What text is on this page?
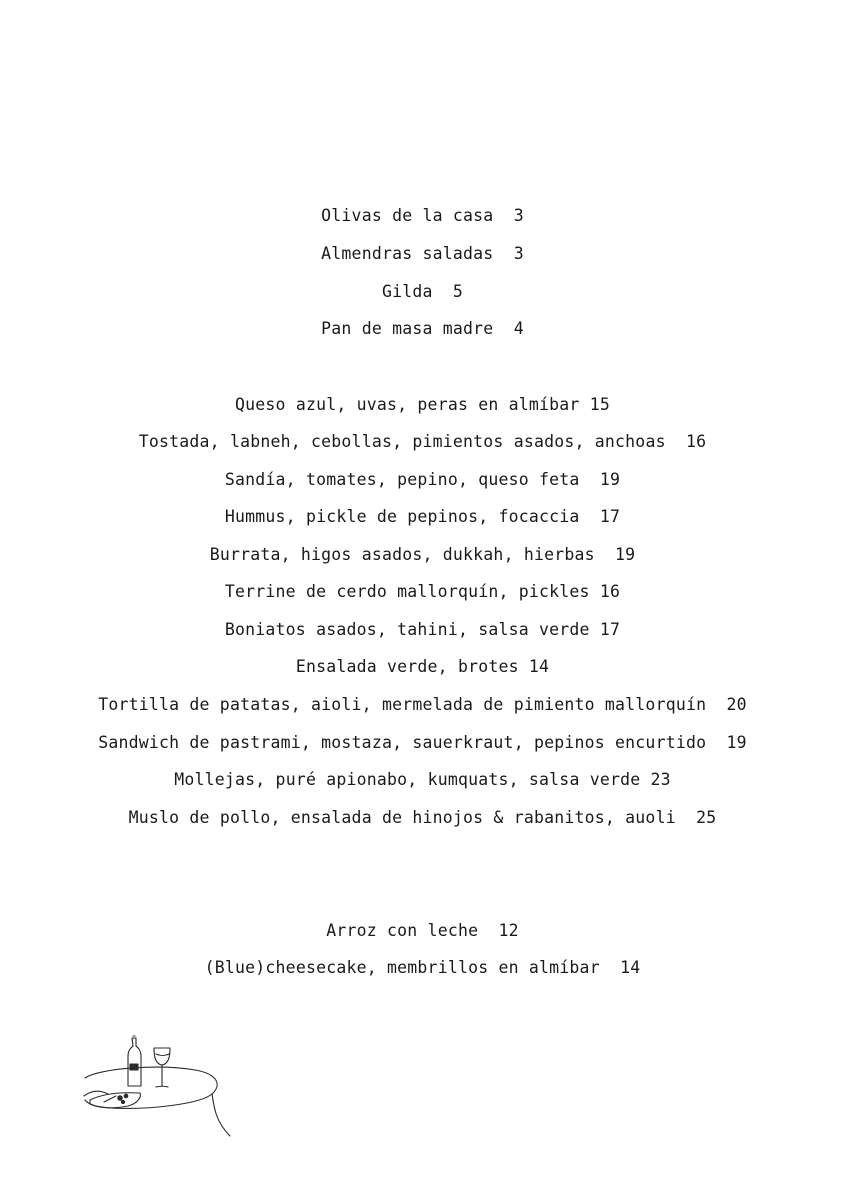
Olivas de la casa  3
Almendras saladas  3
Gilda  5
Pan de masa madre  4
Queso azul, uvas, peras en almíbar 15
Tostada, labneh, cebollas, pimientos asados, anchoas  16
Sandía, tomates, pepino, queso feta  19
Hummus, pickle de pepinos, focaccia  17
Burrata, higos asados, dukkah, hierbas  19
Terrine de cerdo mallorquín, pickles 16
Boniatos asados, tahini, salsa verde 17
Ensalada verde, brotes 14
Tortilla de patatas, aioli, mermelada de pimiento mallorquín  20
Sandwich de pastrami, mostaza, sauerkraut, pepinos encurtido  19
Mollejas, puré apionabo, kumquats, salsa verde 23
Muslo de pollo, ensalada de hinojos & rabanitos, auoli  25
Arroz con leche  12
(Blue)cheesecake, membrillos en almíbar  14
